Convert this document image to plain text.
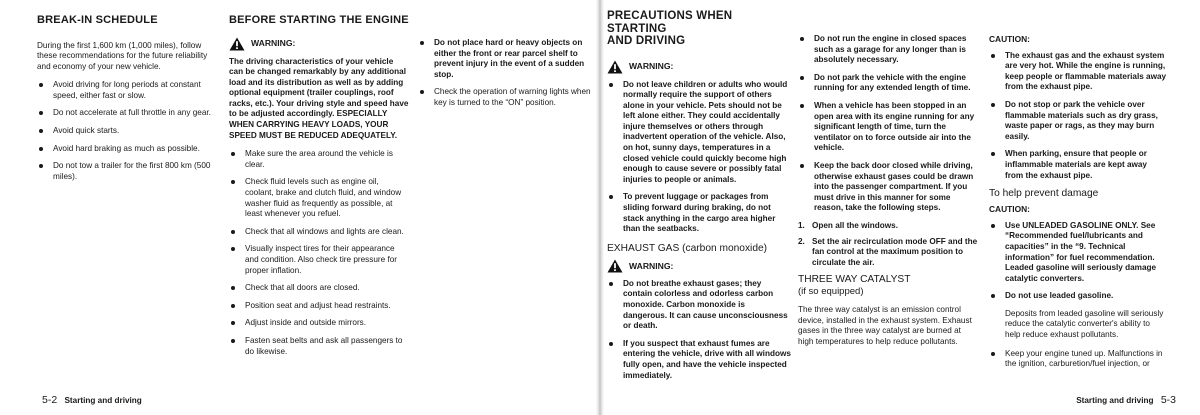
BREAK-IN SCHEDULE

During the first 1,600 km (1,000 miles), follow these recommendations for the future reliability and economy of your new vehicle.

Avoid driving for long periods at constant speed, either fast or slow.
Do not accelerate at full throttle in any gear.
Avoid quick starts.
Avoid hard braking as much as possible.
Do not tow a trailer for the first 800 km (500 miles).
BEFORE STARTING THE ENGINE
WARNING:

The driving characteristics of your vehicle can be changed remarkably by any additional load and its distribution as well as by adding optional equipment (trailer couplings, roof racks, etc.). Your driving style and speed have to be adjusted accordingly. ESPECIALLY WHEN CARRYING HEAVY LOADS, YOUR SPEED MUST BE REDUCED ADEQUATELY.

Make sure the area around the vehicle is clear.
Check fluid levels such as engine oil, coolant, brake and clutch fluid, and window washer fluid as frequently as possible, at least whenever you refuel.
Check that all windows and lights are clean.
Visually inspect tires for their appearance and condition. Also check tire pressure for proper inflation.
Check that all doors are closed.
Position seat and adjust head restraints.
Adjust inside and outside mirrors.
Fasten seat belts and ask all passengers to do likewise.
Do not place hard or heavy objects on either the front or rear parcel shelf to prevent injury in the event of a sudden stop.
Check the operation of warning lights when key is turned to the “ON” position.
5-2 Starting and driving
PRECAUTIONS WHEN STARTING
AND DRIVING
WARNING:
Do not leave children or adults who would normally require the support of others alone in your vehicle. Pets should not be left alone either. They could accidentally injure themselves or others through inadvertent operation of the vehicle. Also, on hot, sunny days, temperatures in a closed vehicle could quickly become high enough to cause severe or possibly fatal injuries to people or animals.
To prevent luggage or packages from sliding forward during braking, do not stack anything in the cargo area higher than the seatbacks.
EXHAUST GAS (carbon monoxide)
WARNING:
Do not breathe exhaust gases; they contain colorless and odorless carbon monoxide. Carbon monoxide is dangerous. It can cause unconsciousness or death.
If you suspect that exhaust fumes are entering the vehicle, drive with all windows fully open, and have the vehicle inspected immediately.
Do not run the engine in closed spaces such as a garage for any longer than is absolutely necessary.
Do not park the vehicle with the engine running for any extended length of time.
When a vehicle has been stopped in an open area with its engine running for any significant length of time, turn the ventilator on to force outside air into the vehicle.
Keep the back door closed while driving, otherwise exhaust gases could be drawn into the passenger compartment. If you must drive in this manner for some reason, take the following steps.
1. Open all the windows.
2. Set the air recirculation mode OFF and the fan control at the maximum position to circulate the air.
THREE WAY CATALYST
(if so equipped)

The three way catalyst is an emission control device, installed in the exhaust system. Exhaust gases in the three way catalyst are burned at high temperatures to help reduce pollutants.

CAUTION:
The exhaust gas and the exhaust system are very hot. While the engine is running, keep people or flammable materials away from the exhaust pipe.
Do not stop or park the vehicle over flammable materials such as dry grass, waste paper or rags, as they may burn easily.
When parking, ensure that people or inflammable materials are kept away from the exhaust pipe.
To help prevent damage
CAUTION:
Use UNLEADED GASOLINE ONLY. See “Recommended fuel/lubricants and capacities” in the “9. Technical information” for fuel recommendation. Leaded gasoline will seriously damage catalytic converters.
Do not use leaded gasoline.

Deposits from leaded gasoline will seriously reduce the catalytic converter's ability to help reduce exhaust pollutants.

Keep your engine tuned up. Malfunctions in the ignition, carburetion/fuel injection, or
Starting and driving 5-3
